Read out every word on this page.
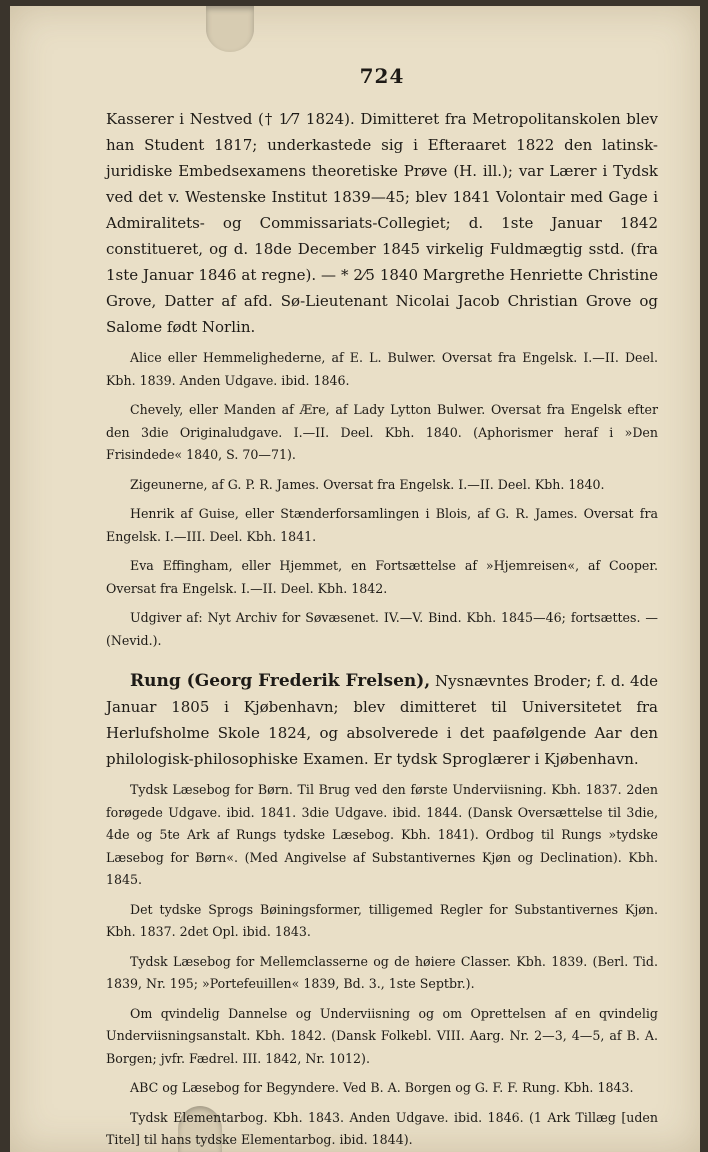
724

Kasserer i Nestved († 1⁄7 1824). Dimitteret fra Metropolitanskolen blev han Student 1817; underkastede sig i Efteraaret 1822 den latinsk-juridiske Embedsexamens theoretiske Prøve (H. ill.); var Lærer i Tydsk ved det v. Westenske Institut 1839—45; blev 1841 Volontair med Gage i Admiralitets- og Commissariats-Collegiet; d. 1ste Januar 1842 constitueret, og d. 18de December 1845 virkelig Fuldmægtig sstd. (fra 1ste Januar 1846 at regne). — * 2⁄5 1840 Margrethe Henriette Christine Grove, Datter af afd. Sø-Lieutenant Nicolai Jacob Christian Grove og Salome født Norlin.

Alice eller Hemmelighederne, af E. L. Bulwer. Oversat fra Engelsk. I.—II. Deel. Kbh. 1839. Anden Udgave. ibid. 1846.

Chevely, eller Manden af Ære, af Lady Lytton Bulwer. Oversat fra Engelsk efter den 3die Originaludgave. I.—II. Deel. Kbh. 1840. (Aphorismer heraf i »Den Frisindede« 1840, S. 70—71).

Zigeunerne, af G. P. R. James. Oversat fra Engelsk. I.—II. Deel. Kbh. 1840.

Henrik af Guise, eller Stænderforsamlingen i Blois, af G. R. James. Oversat fra Engelsk. I.—III. Deel. Kbh. 1841.

Eva Effingham, eller Hjemmet, en Fortsættelse af »Hjemreisen«, af Cooper. Oversat fra Engelsk. I.—II. Deel. Kbh. 1842.

Udgiver af: Nyt Archiv for Søvæsenet. IV.—V. Bind. Kbh. 1845—46; fortsættes. — (Nevid.).

Rung (Georg Frederik Frelsen), Nysnævntes Broder; f. d. 4de Januar 1805 i Kjøbenhavn; blev dimitteret til Universitetet fra Herlufsholme Skole 1824, og absolverede i det paafølgende Aar den philologisk-philosophiske Examen. Er tydsk Sproglærer i Kjøbenhavn.

Tydsk Læsebog for Børn. Til Brug ved den første Underviisning. Kbh. 1837. 2den forøgede Udgave. ibid. 1841. 3die Udgave. ibid. 1844. (Dansk Oversættelse til 3die, 4de og 5te Ark af Rungs tydske Læsebog. Kbh. 1841). Ordbog til Rungs »tydske Læsebog for Børn«. (Med Angivelse af Substantivernes Kjøn og Declination). Kbh. 1845.

Det tydske Sprogs Bøiningsformer, tilligemed Regler for Substantivernes Kjøn. Kbh. 1837. 2det Opl. ibid. 1843.

Tydsk Læsebog for Mellemclasserne og de høiere Classer. Kbh. 1839. (Berl. Tid. 1839, Nr. 195; »Portefeuillen« 1839, Bd. 3., 1ste Septbr.).

Om qvindelig Dannelse og Underviisning og om Oprettelsen af en qvindelig Underviisningsanstalt. Kbh. 1842. (Dansk Folkebl. VIII. Aarg. Nr. 2—3, 4—5, af B. A. Borgen; jvfr. Fædrel. III. 1842, Nr. 1012).

ABC og Læsebog for Begyndere. Ved B. A. Borgen og G. F. F. Rung. Kbh. 1843.

Tydsk Elementarbog. Kbh. 1843. Anden Udgave. ibid. 1846. (1 Ark Tillæg [uden Titel] til hans tydske Elementarbog. ibid. 1844).
